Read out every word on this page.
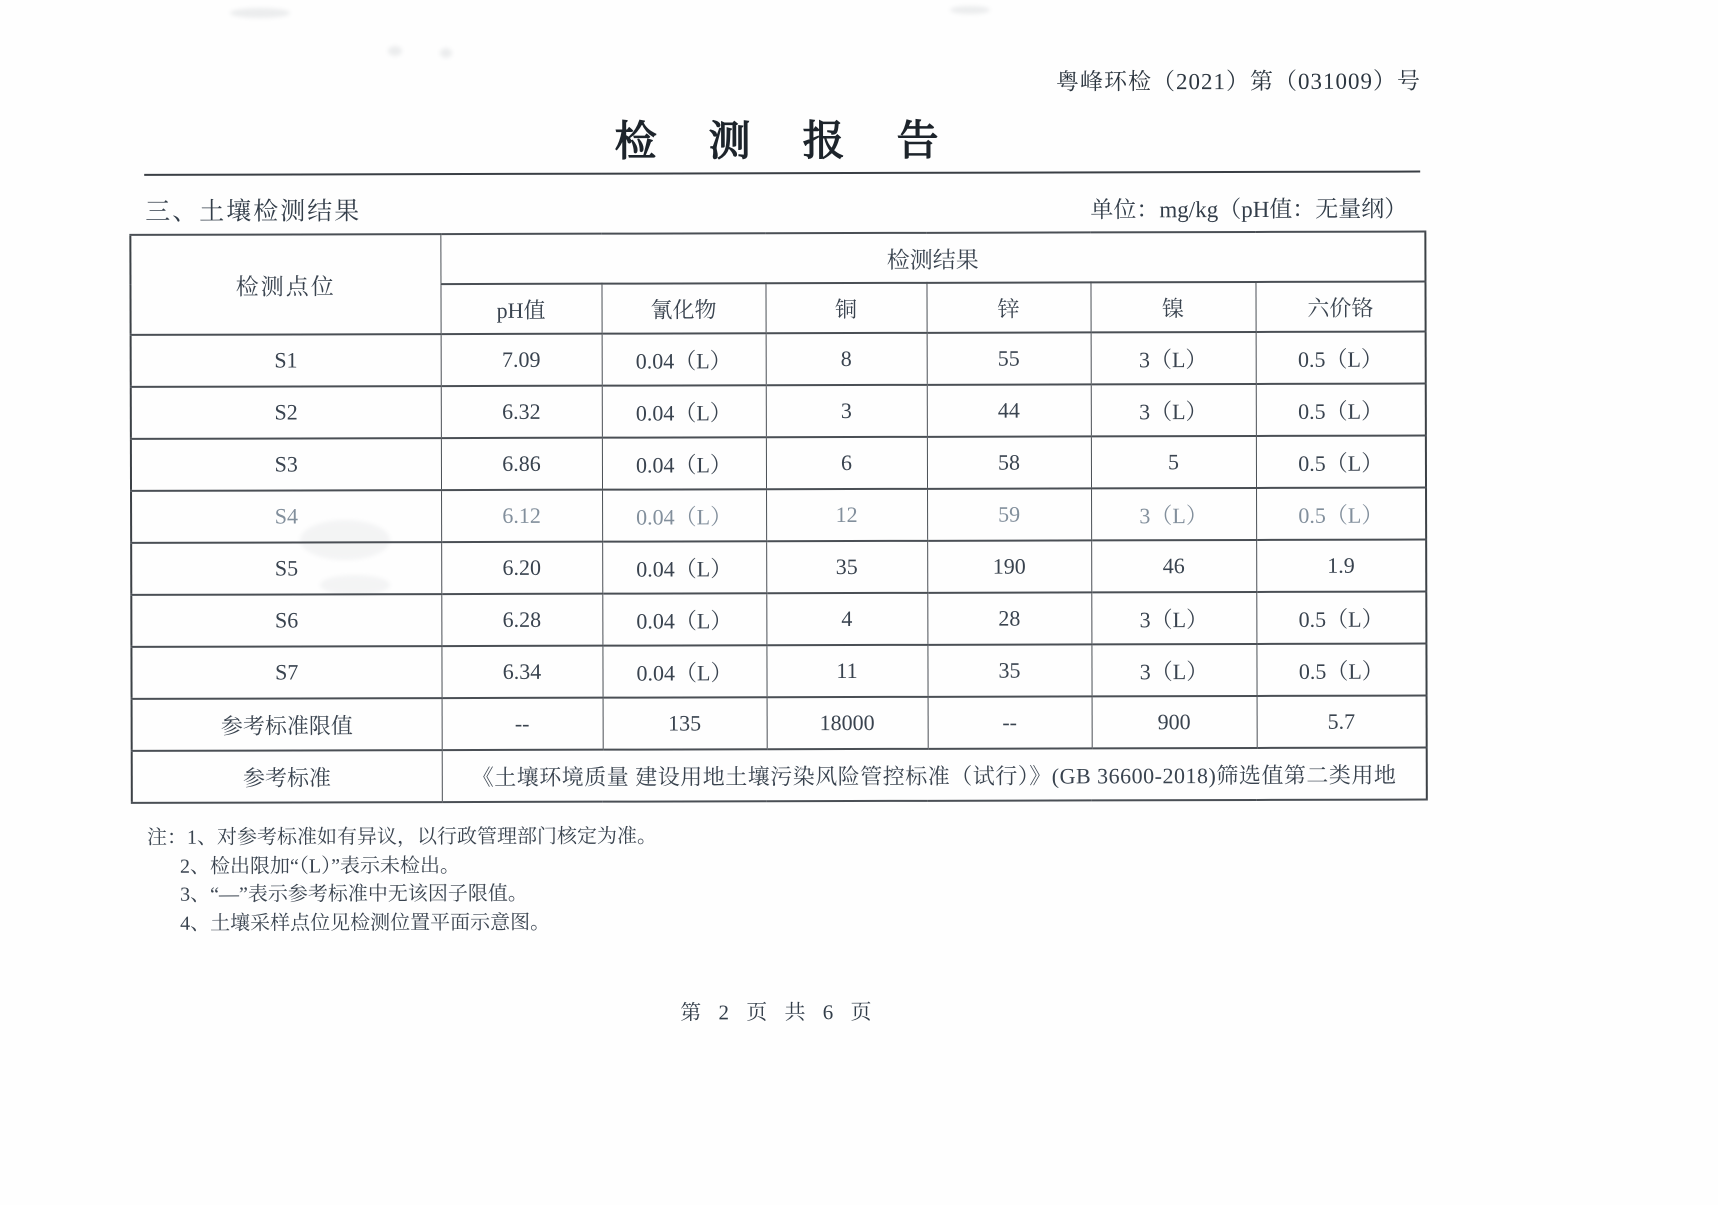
粤峰环检（2021）第（031009）号
检测报告
三、土壤检测结果	单位：mg/kg（pH值：无量纲）
检测点位	检测结果					
	pH值	氰化物	铜	锌	镍	六价铬
S1	7.09	0.04（L）	8	55	3（L）	0.5（L）
S2	6.32	0.04（L）	3	44	3（L）	0.5（L）
S3	6.86	0.04（L）	6	58	5	0.5（L）
S4	6.12	0.04（L）	12	59	3（L）	0.5（L）
S5	6.20	0.04（L）	35	190	46	1.9
S6	6.28	0.04（L）	4	28	3（L）	0.5（L）
S7	6.34	0.04（L）	11	35	3（L）	0.5（L）
参考标准限值	--	135	18000	--	900	5.7
参考标准	《土壤环境质量 建设用地土壤污染风险管控标准（试行）》(GB 36600-2018)筛选值第二类用地					
注：1、对参考标准如有异议，以行政管理部门核定为准。
2、检出限加“（L）”表示未检出。
3、“—”表示参考标准中无该因子限值。
4、土壤采样点位见检测位置平面示意图。
第 2 页 共 6 页
